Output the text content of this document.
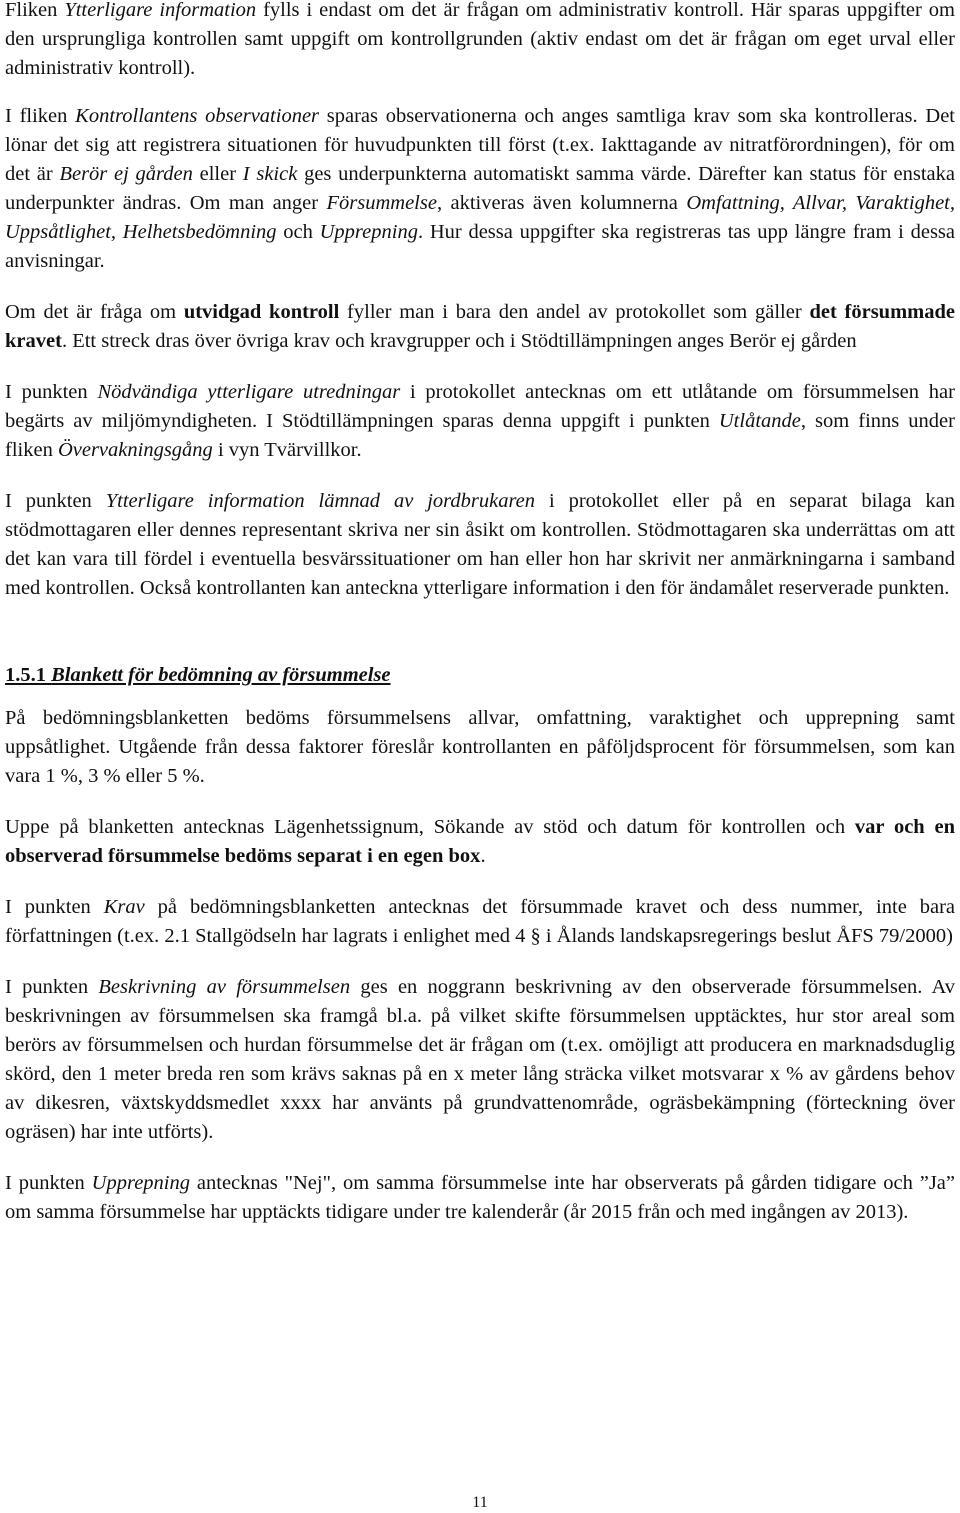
Fliken Ytterligare information fylls i endast om det är frågan om administrativ kontroll. Här sparas uppgifter om den ursprungliga kontrollen samt uppgift om kontrollgrunden (aktiv endast om det är frågan om eget urval eller administrativ kontroll).

I fliken Kontrollantens observationer sparas observationerna och anges samtliga krav som ska kontrolleras. Det lönar det sig att registrera situationen för huvudpunkten till först (t.ex. Iakttagande av nitratförordningen), för om det är Berör ej gården eller I skick ges underpunkterna automatiskt samma värde. Därefter kan status för enstaka underpunkter ändras. Om man anger Försummelse, aktiveras även kolumnerna Omfattning, Allvar, Varaktighet, Uppsåtlighet, Helhetsbedömning och Upprepning. Hur dessa uppgifter ska registreras tas upp längre fram i dessa anvisningar.

Om det är fråga om utvidgad kontroll fyller man i bara den andel av protokollet som gäller det försummade kravet. Ett streck dras över övriga krav och kravgrupper och i Stödtillämpningen anges Berör ej gården

I punkten Nödvändiga ytterligare utredningar i protokollet antecknas om ett utlåtande om försummelsen har begärts av miljömyndigheten. I Stödtillämpningen sparas denna uppgift i punkten Utlåtande, som finns under fliken Övervakningsgång i vyn Tvärvillkor.

I punkten Ytterligare information lämnad av jordbrukaren i protokollet eller på en separat bilaga kan stödmottagaren eller dennes representant skriva ner sin åsikt om kontrollen. Stödmottagaren ska underrättas om att det kan vara till fördel i eventuella besvärssituationer om han eller hon har skrivit ner anmärkningarna i samband med kontrollen. Också kontrollanten kan anteckna ytterligare information i den för ändamålet reserverade punkten.

1.5.1 Blankett för bedömning av försummelse

På bedömningsblanketten bedöms försummelsens allvar, omfattning, varaktighet och upprepning samt uppsåtlighet. Utgående från dessa faktorer föreslår kontrollanten en påföljdsprocent för försummelsen, som kan vara 1 %, 3 % eller 5 %.

Uppe på blanketten antecknas Lägenhetssignum, Sökande av stöd och datum för kontrollen och var och en observerad försummelse bedöms separat i en egen box.

I punkten Krav på bedömningsblanketten antecknas det försummade kravet och dess nummer, inte bara författningen (t.ex. 2.1 Stallgödseln har lagrats i enlighet med 4 § i Ålands landskapsregerings beslut ÅFS 79/2000)

I punkten Beskrivning av försummelsen ges en noggrann beskrivning av den observerade försummelsen. Av beskrivningen av försummelsen ska framgå bl.a. på vilket skifte försummelsen upptäcktes, hur stor areal som berörs av försummelsen och hurdan försummelse det är frågan om (t.ex. omöjligt att producera en marknadsduglig skörd, den 1 meter breda ren som krävs saknas på en x meter lång sträcka vilket motsvarar x % av gårdens behov av dikesren, växtskyddsmedlet xxxx har använts på grundvattenområde, ogräsbekämpning (förteckning över ogräsen) har inte utförts).

I punkten Upprepning antecknas "Nej", om samma försummelse inte har observerats på gården tidigare och ”Ja” om samma försummelse har upptäckts tidigare under tre kalenderår (år 2015 från och med ingången av 2013).

11
